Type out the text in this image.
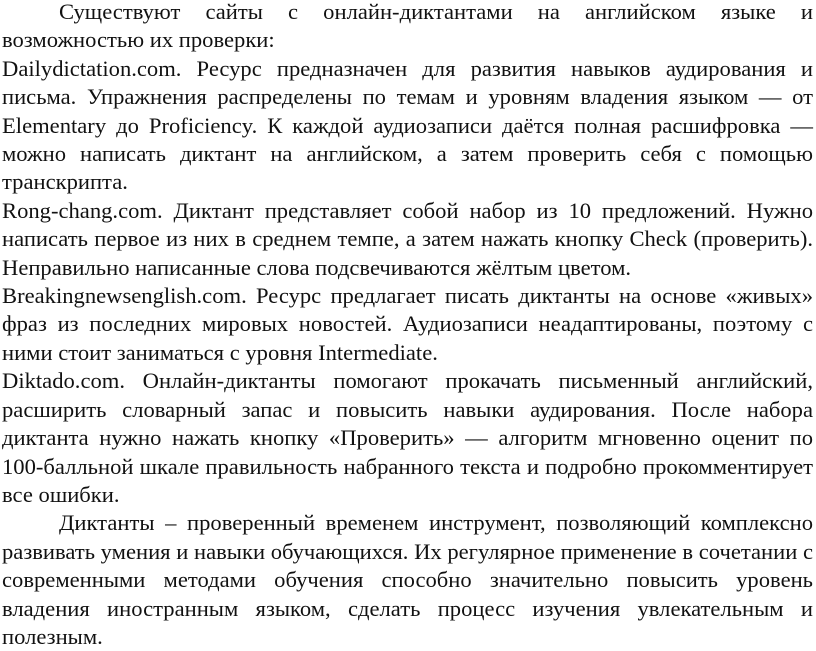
Существуют сайты с онлайн-диктантами на английском языке и возможностью их проверки:

Dailydictation.com. Ресурс предназначен для развития навыков аудирования и письма. Упражнения распределены по темам и уровням владения языком — от Elementary до Proficiency. К каждой аудиозаписи даётся полная расшифровка — можно написать диктант на английском, а затем проверить себя с помощью транскрипта.

Rong-chang.com. Диктант представляет собой набор из 10 предложений. Нужно написать первое из них в среднем темпе, а затем нажать кнопку Check (проверить). Неправильно написанные слова подсвечиваются жёлтым цветом.

Breakingnewsenglish.com. Ресурс предлагает писать диктанты на основе «живых» фраз из последних мировых новостей. Аудиозаписи неадаптированы, поэтому с ними стоит заниматься с уровня Intermediate.

Diktado.com. Онлайн-диктанты помогают прокачать письменный английский, расширить словарный запас и повысить навыки аудирования. После набора диктанта нужно нажать кнопку «Проверить» — алгоритм мгновенно оценит по 100-балльной шкале правильность набранного текста и подробно прокомментирует все ошибки.

Диктанты – проверенный временем инструмент, позволяющий комплексно развивать умения и навыки обучающихся. Их регулярное применение в сочетании с современными методами обучения способно значительно повысить уровень владения иностранным языком, сделать процесс изучения увлекательным и полезным.
